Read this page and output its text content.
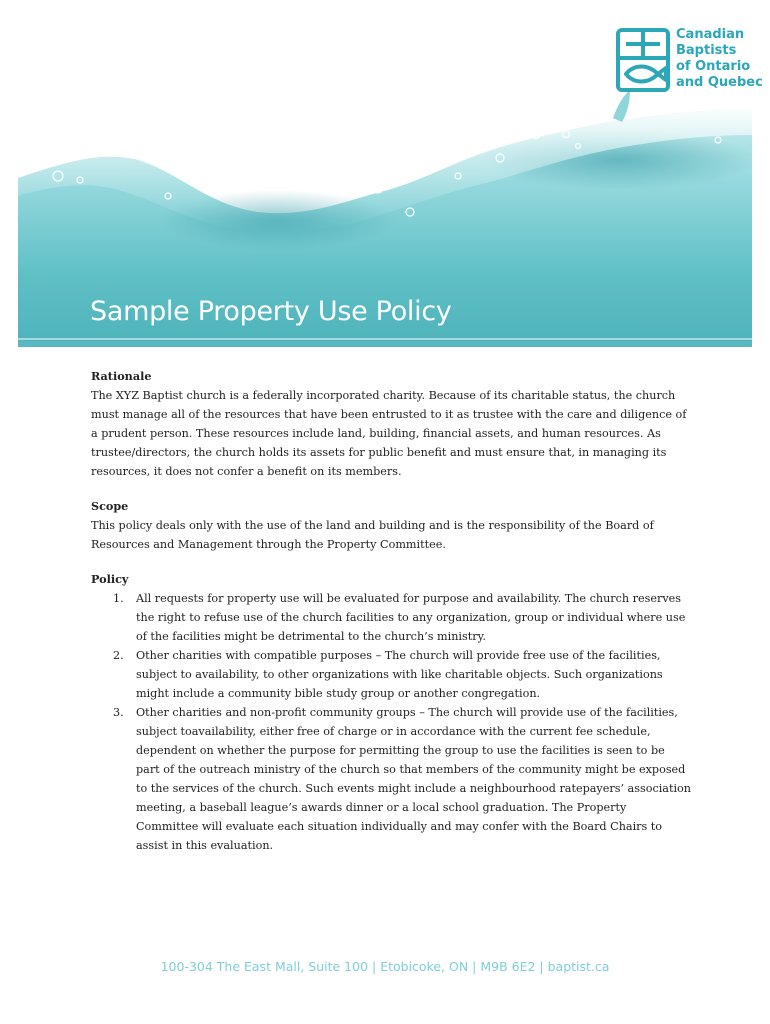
Sample Property Use Policy
Canadian
Baptists
of Ontario
and Quebec
Rationale

The XYZ Baptist church is a federally incorporated charity. Because of its charitable status, the church must manage all of the resources that have been entrusted to it as trustee with the care and diligence of a prudent person. These resources include land, building, financial assets, and human resources. As trustee/directors, the church holds its assets for public benefit and must ensure that, in managing its resources, it does not confer a benefit on its members.

Scope

This policy deals only with the use of the land and building and is the responsibility of the Board of Resources and Management through the Property Committee.

Policy
1. All requests for property use will be evaluated for purpose and availability. The church reserves the right to refuse use of the church facilities to any organization, group or individual where use of the facilities might be detrimental to the church’s ministry.
2. Other charities with compatible purposes – The church will provide free use of the facilities, subject to availability, to other organizations with like charitable objects. Such organizations might include a community bible study group or another congregation.
3. Other charities and non-profit community groups – The church will provide use of the facilities, subject toavailability, either free of charge or in accordance with the current fee schedule, dependent on whether the purpose for permitting the group to use the facilities is seen to be part of the outreach ministry of the church so that members of the community might be exposed to the services of the church. Such events might include a neighbourhood ratepayers’ association meeting, a baseball league’s awards dinner or a local school graduation. The Property Committee will evaluate each situation individually and may confer with the Board Chairs to assist in this evaluation.
100-304 The East Mall, Suite 100 | Etobicoke, ON | M9B 6E2 | baptist.ca
